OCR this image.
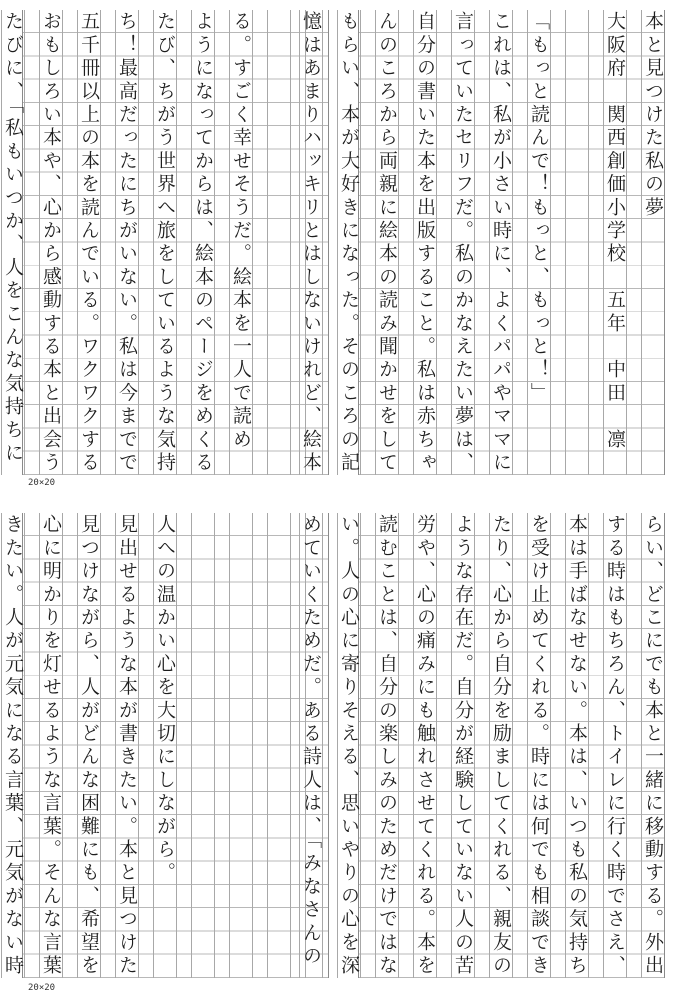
る。すごく幸せそうだ。絵本を一人で読め
ようになってからは、絵本のページをめくる
たび、ちがう世界へ旅をしているような気持
ち！最高だったにちがいない。私は今までで
五千冊以上の本を読んでいる。ワクワクする
おもしろい本や、心から感動する本と出会う
たびに、「私もいつか、人をこんな気持ちに
20×20
本と見つけた私の夢
大阪府　関西創価小学校　五年　中田　凛
「もっと読んで！もっと、もっと！」
これは、私が小さい時に、よくパパやママに
言っていたセリフだ。私のかなえたい夢は、
自分の書いた本を出版すること。私は赤ちゃ
んのころから両親に絵本の読み聞かせをして
もらい、本が大好きになった。そのころの記
憶はあまりハッキリとはしないけれど、絵本
人への温かい心を大切にしながら。
見出せるような本が書きたい。本と見つけた
見つけながら、人がどんな困難にも、希望を
心に明かりを灯せるような言葉。そんな言葉
きたい。人が元気になる言葉、元気がない時
20×20
らい、どこにでも本と一緒に移動する。外出
する時はもちろん、トイレに行く時でさえ、
本は手ばなせない。本は、いつも私の気持ち
を受け止めてくれる。時には何でも相談でき
たり、心から自分を励ましてくれる、親友の
ような存在だ。自分が経験していない人の苦
労や、心の痛みにも触れさせてくれる。本を
読むことは、自分の楽しみのためだけではな
い。人の心に寄りそえる、思いやりの心を深
めていくためだ。ある詩人は、「みなさんの
